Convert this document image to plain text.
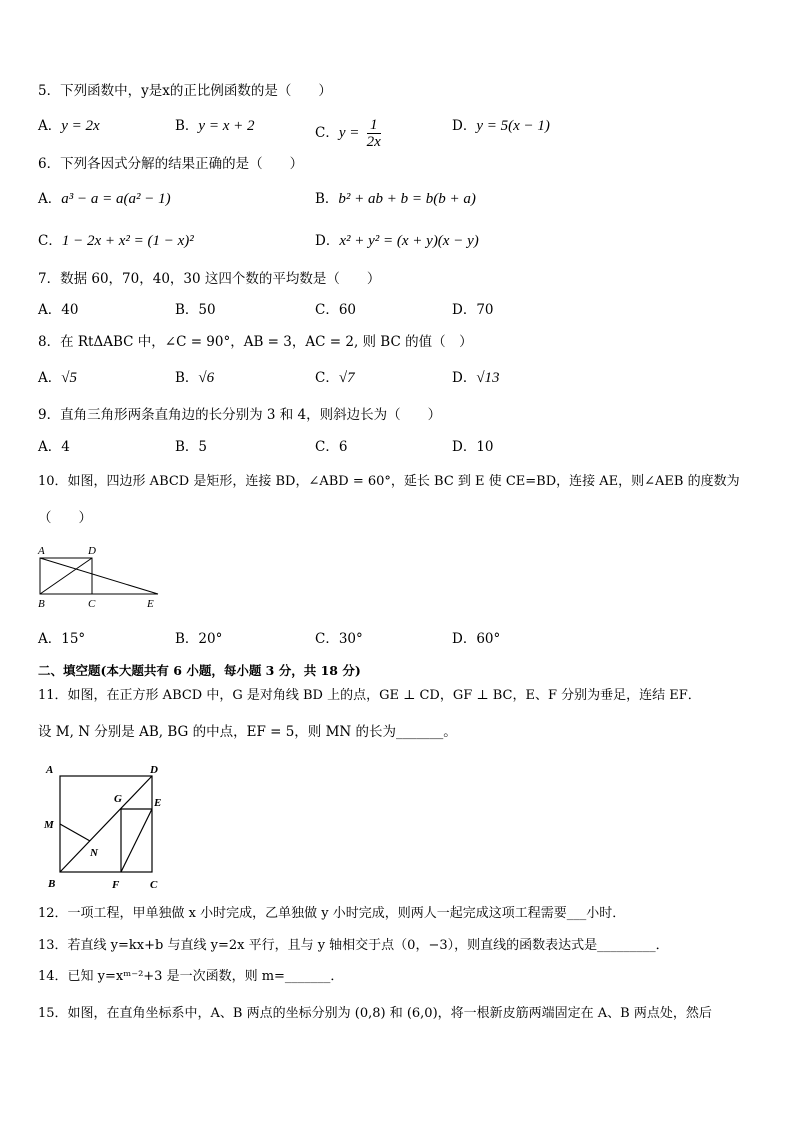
5．下列函数中，y是x的正比例函数的是（　　）
A．y = 2x	B．y = x + 2	C．$y = \frac{1}{2x}$	D．y = 5(x − 1)
6．下列各因式分解的结果正确的是（　　）
A．a³ − a = a(a² − 1)	B．b² + ab + b = b(b + a)
C．1 − 2x + x² = (1 − x)²	D．x² + y² = (x + y)(x − y)
7．数据 60，70，40，30 这四个数的平均数是（　　）
A．40	B．50	C．60	D．70
8．在 RtΔABC 中，∠C = 90°，AB = 3，AC = 2, 则 BC 的值（　）
A．√5	B．√6	C．√7	D．√13
9．直角三角形两条直角边的长分别为 3 和 4，则斜边长为（　　）
A．4	B．5	C．6	D．10
10．如图，四边形 ABCD 是矩形，连接 BD，∠ABD = 60°，延长 BC 到 E 使 CE=BD，连接 AE，则∠AEB 的度数为
（　　）
A	D
B	C	E
A．15°	B．20°	C．30°	D．60°
二、填空题(本大题共有 6 小题，每小题 3 分，共 18 分)
11．如图，在正方形 ABCD 中，G 是对角线 BD 上的点，GE ⊥ CD，GF ⊥ BC，E、F 分别为垂足，连结 EF．
设 M, N 分别是 AB, BG 的中点，EF = 5，则 MN 的长为_______。
A	D
G	E
M
N
B	F	C
12．一项工程，甲单独做 x 小时完成，乙单独做 y 小时完成，则两人一起完成这项工程需要___小时．
13．若直线 y=kx+b 与直线 y=2x 平行，且与 y 轴相交于点（0，−3），则直线的函数表达式是_________．
14．已知 y=xᵐ⁻²+3 是一次函数，则 m=_______．
15．如图，在直角坐标系中，A、B 两点的坐标分别为 (0,8) 和 (6,0)，将一根新皮筋两端固定在 A、B 两点处，然后
